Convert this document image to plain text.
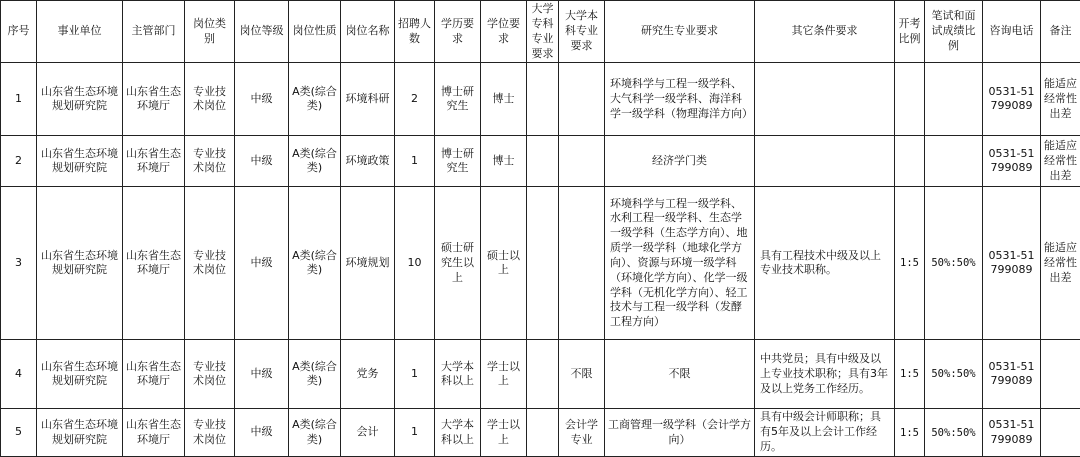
序号	事业单位	主管部门	岗位类别	岗位等级	岗位性质	岗位名称	招聘人数	学历要求	学位要求	大学专科专业要求	大学本科专业要求	研究生专业要求	其它条件要求	开考比例	笔试和面试成绩比例	咨询电话	备注
1	山东省生态环境规划研究院	山东省生态环境厅	专业技术岗位	中级	A类(综合类)	环境科研	2	博士研究生	博士			环境科学与工程一级学科、大气科学一级学科、海洋科学一级学科（物理海洋方向）				0531-51799089	能适应经常性出差
2	山东省生态环境规划研究院	山东省生态环境厅	专业技术岗位	中级	A类(综合类)	环境政策	1	博士研究生	博士			经济学门类				0531-51799089	能适应经常性出差
3	山东省生态环境规划研究院	山东省生态环境厅	专业技术岗位	中级	A类(综合类)	环境规划	10	硕士研究生以上	硕士以上			环境科学与工程一级学科、水利工程一级学科、生态学一级学科（生态学方向）、地质学一级学科（地球化学方向）、资源与环境一级学科（环境化学方向）、化学一级学科（无机化学方向）、轻工技术与工程一级学科（发酵工程方向）	具有工程技术中级及以上专业技术职称。	1:5	50%:50%	0531-51799089	能适应经常性出差
4	山东省生态环境规划研究院	山东省生态环境厅	专业技术岗位	中级	A类(综合类)	党务	1	大学本科以上	学士以上		不限	不限	中共党员；具有中级及以上专业技术职称；具有3年及以上党务工作经历。	1:5	50%:50%	0531-51799089	
5	山东省生态环境规划研究院	山东省生态环境厅	专业技术岗位	中级	A类(综合类)	会计	1	大学本科以上	学士以上		会计学专业	工商管理一级学科（会计学方向）	具有中级会计师职称；具有5年及以上会计工作经历。	1:5	50%:50%	0531-51799089	
